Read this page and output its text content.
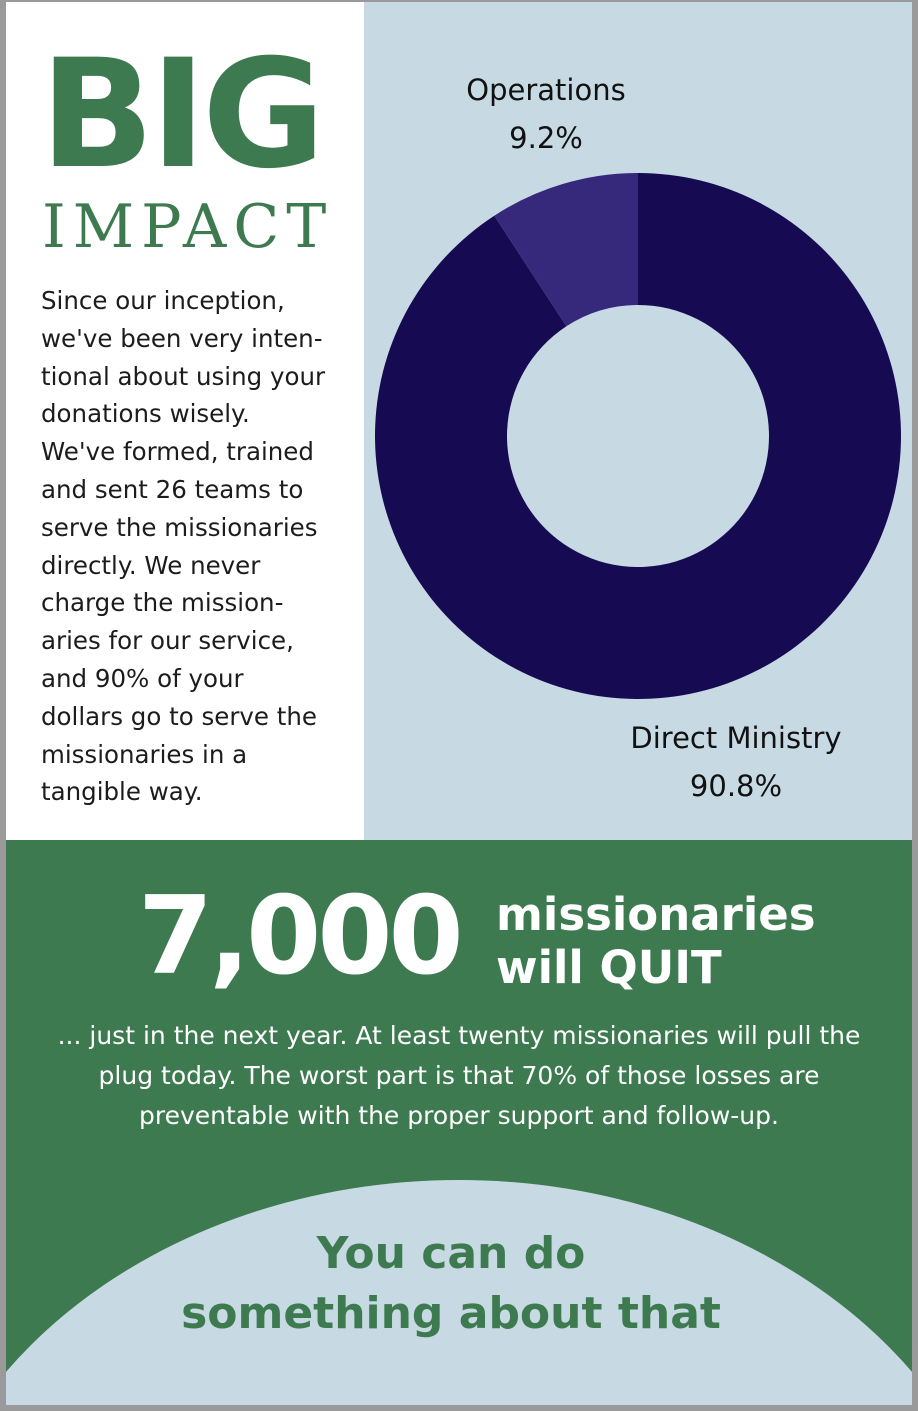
BIG
IMPACT

Since our inception,
we've been very inten-
tional about using your
donations wisely.
We've formed, trained
and sent 26 teams to
serve the missionaries
directly. We never
charge the mission-
aries for our service,
and 90% of your
dollars go to serve the
missionaries in a
tangible way.

Operations
9.2%
Direct Ministry
90.8%
7,000 missionaries
will QUIT

... just in the next year. At least twenty missionaries will pull the plug today. The worst part is that 70% of those losses are preventable with the proper support and follow-up.

You can do
something about that
